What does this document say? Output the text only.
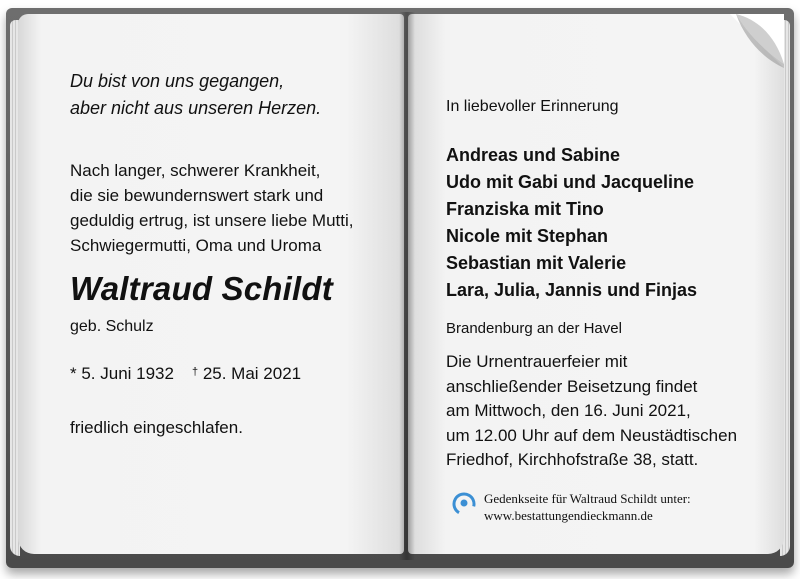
Du bist von uns gegangen,
aber nicht aus unseren Herzen.
Nach langer, schwerer Krankheit,
die sie bewundernswert stark und
geduldig ertrug, ist unsere liebe Mutti,
Schwiegermutti, Oma und Uroma
Waltraud Schildt
geb. Schulz
* 5. Juni 1932 † 25. Mai 2021
friedlich eingeschlafen.
In liebevoller Erinnerung
Andreas und Sabine
Udo mit Gabi und Jacqueline
Franziska mit Tino
Nicole mit Stephan
Sebastian mit Valerie
Lara, Julia, Jannis und Finjas
Brandenburg an der Havel
Die Urnentrauerfeier mit
anschließender Beisetzung findet
am Mittwoch, den 16. Juni 2021,
um 12.00 Uhr auf dem Neustädtischen
Friedhof, Kirchhofstraße 38, statt.
Gedenkseite für Waltraud Schildt unter:
www.bestattungendieckmann.de
